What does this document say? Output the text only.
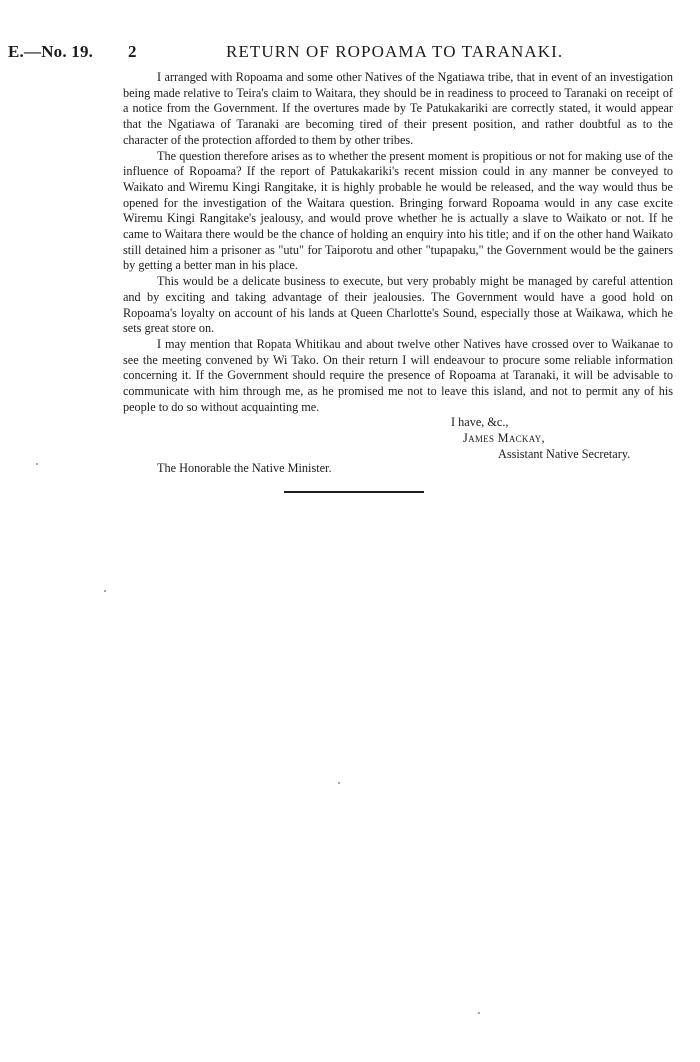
E.—No. 19. 2	RETURN OF ROPOAMA TO TARANAKI.

I arranged with Ropoama and some other Natives of the Ngatiawa tribe, that in event of an investigation being made relative to Teira's claim to Waitara, they should be in readiness to proceed to Taranaki on receipt of a notice from the Government. If the overtures made by Te Patukakariki are correctly stated, it would appear that the Ngatiawa of Taranaki are becoming tired of their present position, and rather doubtful as to the character of the protection afforded to them by other tribes.

The question therefore arises as to whether the present moment is propitious or not for making use of the influence of Ropoama? If the report of Patukakariki's recent mission could in any manner be conveyed to Waikato and Wiremu Kingi Rangitake, it is highly probable he would be released, and the way would thus be opened for the investigation of the Waitara question. Bringing forward Ropoama would in any case excite Wiremu Kingi Rangitake's jealousy, and would prove whether he is actually a slave to Waikato or not. If he came to Waitara there would be the chance of holding an enquiry into his title; and if on the other hand Waikato still detained him a prisoner as "utu" for Taiporotu and other "tupapaku," the Government would be the gainers by getting a better man in his place.

This would be a delicate business to execute, but very probably might be managed by careful attention and by exciting and taking advantage of their jealousies. The Government would have a good hold on Ropoama's loyalty on account of his lands at Queen Charlotte's Sound, especially those at Waikawa, which he sets great store on.

I may mention that Ropata Whitikau and about twelve other Natives have crossed over to Waikanae to see the meeting convened by Wi Tako. On their return I will endeavour to procure some reliable information concerning it. If the Government should require the presence of Ropoama at Taranaki, it will be advisable to communicate with him through me, as he promised me not to leave this island, and not to permit any of his people to do so without acquainting me.

I have, &c.,
James Mackay,
Assistant Native Secretary.
The Honorable the Native Minister.
